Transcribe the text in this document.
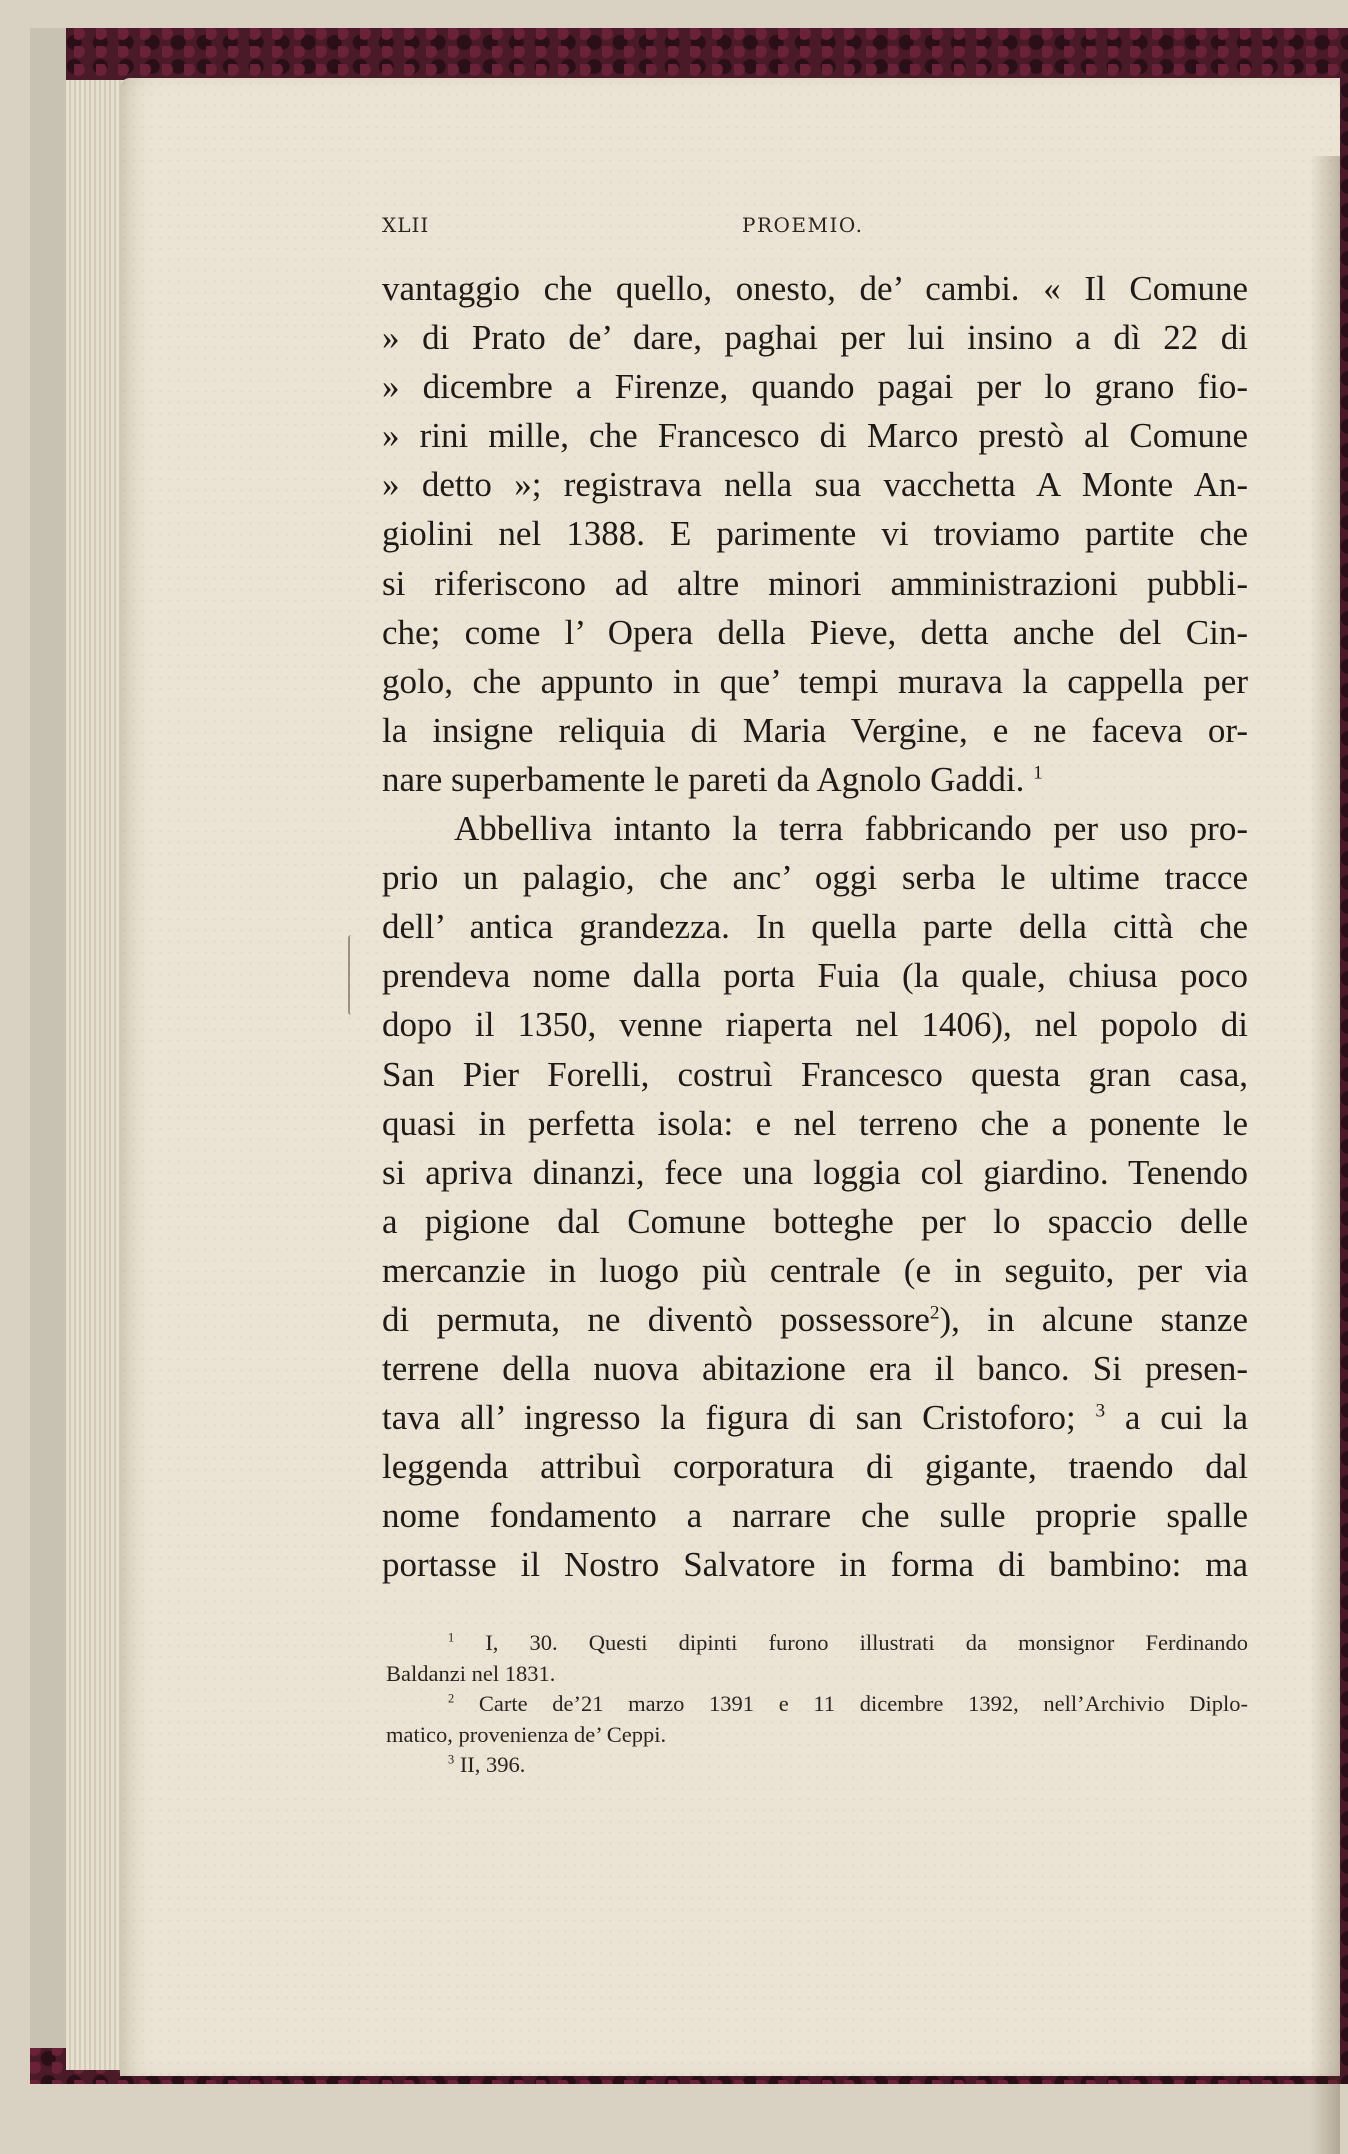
XLII	PROEMIO.
vantaggio che quello, onesto, de’ cambi. « Il Comune
» di Prato de’ dare, paghai per lui insino a dì 22 di
» dicembre a Firenze, quando pagai per lo grano fio-
» rini mille, che Francesco di Marco prestò al Comune
» detto »; registrava nella sua vacchetta A Monte An-
giolini nel 1388. E parimente vi troviamo partite che
si riferiscono ad altre minori amministrazioni pubbli-
che; come l’ Opera della Pieve, detta anche del Cin-
golo, che appunto in que’ tempi murava la cappella per
la insigne reliquia di Maria Vergine, e ne faceva or-
nare superbamente le pareti da Agnolo Gaddi. $^1$
Abbelliva intanto la terra fabbricando per uso pro-
prio un palagio, che anc’ oggi serba le ultime tracce
dell’ antica grandezza. In quella parte della città che
prendeva nome dalla porta Fuia (la quale, chiusa poco
dopo il 1350, venne riaperta nel 1406), nel popolo di
San Pier Forelli, costruì Francesco questa gran casa,
quasi in perfetta isola: e nel terreno che a ponente le
si apriva dinanzi, fece una loggia col giardino. Tenendo
a pigione dal Comune botteghe per lo spaccio delle
mercanzie in luogo più centrale (e in seguito, per via
di permuta, ne diventò possessore$^2$), in alcune stanze
terrene della nuova abitazione era il banco. Si presen-
tava all’ ingresso la figura di san Cristoforo; $^3$ a cui la
leggenda attribuì corporatura di gigante, traendo dal
nome fondamento a narrare che sulle proprie spalle
portasse il Nostro Salvatore in forma di bambino: ma
$^1$ I, 30. Questi dipinti furono illustrati da monsignor Ferdinando
Baldanzi nel 1831.
$^2$ Carte de’21 marzo 1391 e 11 dicembre 1392, nell’Archivio Diplo-
matico, provenienza de’ Ceppi.
$^3$ II, 396.
